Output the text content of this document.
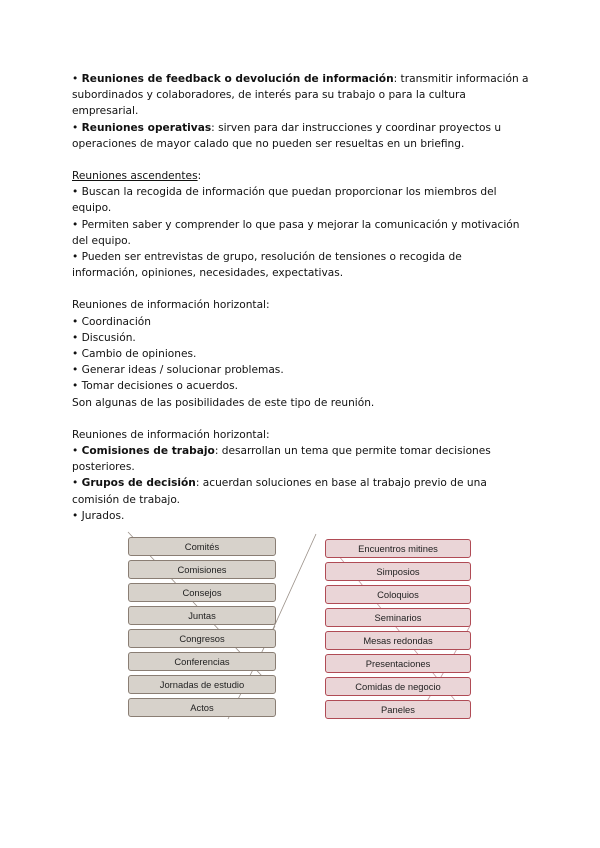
• Reuniones de feedback o devolución de información: transmitir información a
subordinados y colaboradores, de interés para su trabajo o para la cultura
empresarial.

• Reuniones operativas: sirven para dar instrucciones y coordinar proyectos u
operaciones de mayor calado que no pueden ser resueltas en un briefing.

Reuniones ascendentes:

• Buscan la recogida de información que puedan proporcionar los miembros del
equipo.

• Permiten saber y comprender lo que pasa y mejorar la comunicación y motivación
del equipo.

• Pueden ser entrevistas de grupo, resolución de tensiones o recogida de
información, opiniones, necesidades, expectativas.

Reuniones de información horizontal:

• Coordinación

• Discusión.

• Cambio de opiniones.

• Generar ideas / solucionar problemas.

• Tomar decisiones o acuerdos.

Son algunas de las posibilidades de este tipo de reunión.

Reuniones de información horizontal:

• Comisiones de trabajo: desarrollan un tema que permite tomar decisiones
posteriores.

• Grupos de decisión: acuerdan soluciones en base al trabajo previo de una
comisión de trabajo.

• Jurados.

Comités
Comisiones
Consejos
Juntas
Congresos
Conferencias
Jornadas de estudio
Actos
Encuentros mitines
Simposios
Coloquios
Seminarios
Mesas redondas
Presentaciones
Comidas de negocio
Paneles
